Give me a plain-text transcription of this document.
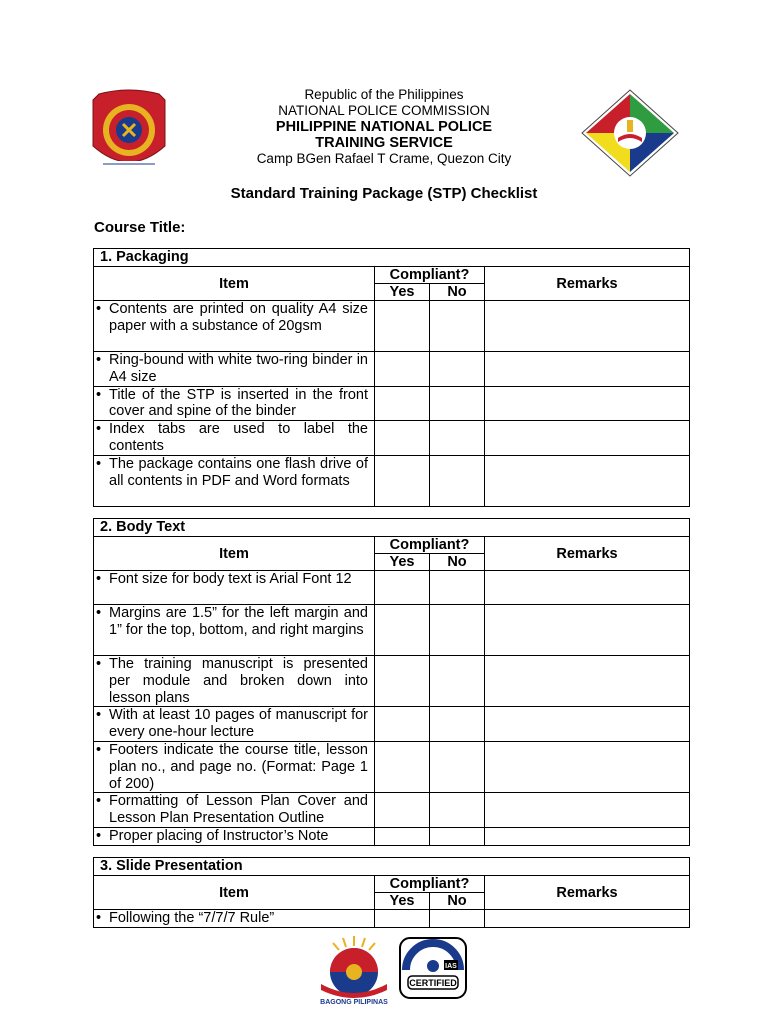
Republic of the Philippines
NATIONAL POLICE COMMISSION
PHILIPPINE NATIONAL POLICE
TRAINING SERVICE
Camp BGen Rafael T Crame, Quezon City
Standard Training Package (STP) Checklist
Course Title:
1. Packaging			
Item	Compliant?		Remarks
	Yes	No	

• Contents are printed on quality A4 size paper with a substance of 20gsm			

• Ring-bound with white two-ring binder in A4 size			

• Title of the STP is inserted in the front cover and spine of the binder			

• Index tabs are used to label the contents			

• The package contains one flash drive of all contents in PDF and Word formats			
2. Body Text			
Item	Compliant?		Remarks
	Yes	No	

• Font size for body text is Arial Font 12			

• Margins are 1.5” for the left margin and 1” for the top, bottom, and right margins			

• The training manuscript is presented per module and broken down into lesson plans			

• With at least 10 pages of manuscript for every one-hour lecture			

• Footers indicate the course title, lesson plan no., and page no. (Format: Page 1 of 200)			

• Formatting of Lesson Plan Cover and Lesson Plan Presentation Outline			

• Proper placing of Instructor’s Note			
3. Slide Presentation			
Item	Compliant?		Remarks
	Yes	No	

• Following the “7/7/7 Rule”			
BAGONG PILIPINAS
IAS
CERTIFIED
